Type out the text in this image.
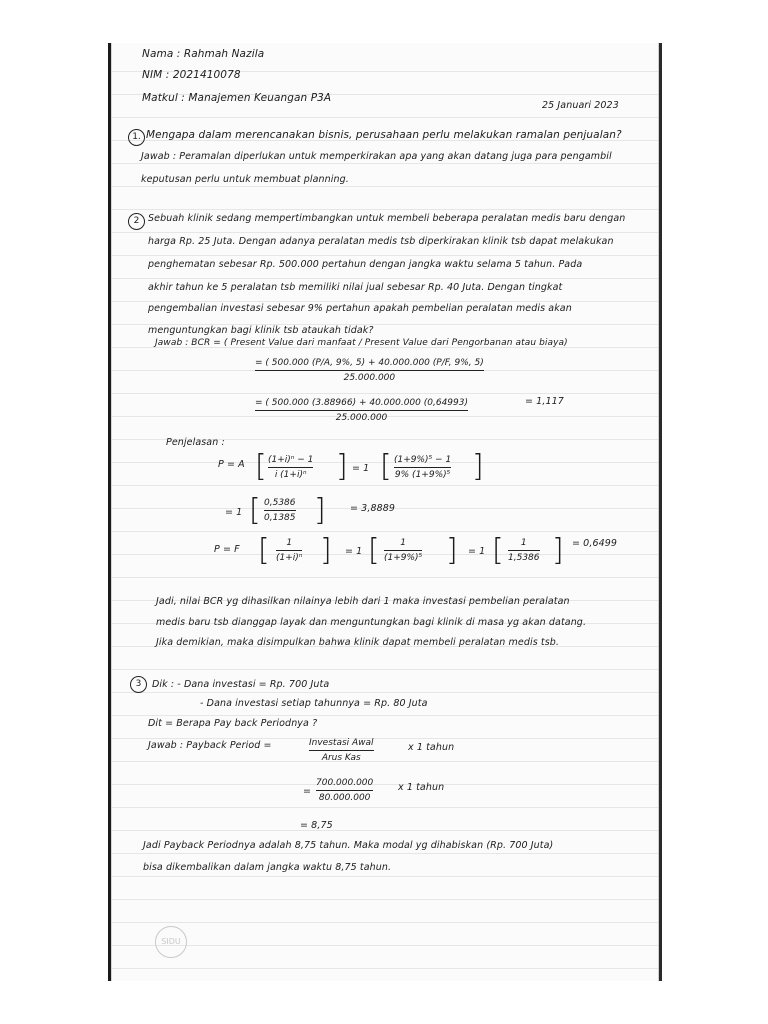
Nama : Rahmah Nazila
NIM : 2021410078
Matkul : Manajemen Keuangan P3A
25 Januari 2023
1. Mengapa dalam merencanakan bisnis, perusahaan perlu melakukan ramalan penjualan?
Jawab : Peramalan diperlukan untuk memperkirakan apa yang akan datang juga para pengambil
keputusan perlu untuk membuat planning.
2 Sebuah klinik sedang mempertimbangkan untuk membeli beberapa peralatan medis baru dengan
harga Rp. 25 Juta. Dengan adanya peralatan medis tsb diperkirakan klinik tsb dapat melakukan
penghematan sebesar Rp. 500.000 pertahun dengan jangka waktu selama 5 tahun. Pada
akhir tahun ke 5 peralatan tsb memiliki nilai jual sebesar Rp. 40 Juta. Dengan tingkat
pengembalian investasi sebesar 9% pertahun apakah pembelian peralatan medis akan
menguntungkan bagi klinik tsb ataukah tidak?
Jawab : BCR = ( Present Value dari manfaat / Present Value dari Pengorbanan atau biaya)
$\frac{= ( 500.000 (P/A, 9\%, 5) + 40.000.000 (P/F, 9\%, 5)}{25.000.000}$
$\frac{= ( 500.000 (3.88966) + 40.000.000 (0,64993)}{25.000.000}$	= 1,117
Penjelasan :
P = A [ $\frac{\text{(1+i)ⁿ − 1}}{\text{i (1+i)ⁿ}}$ ] = 1 [ $\frac{\text{(1+9\%)⁵ − 1}}{\text{9\% (1+9\%)⁵}}$ ]
= 1 [ $\frac{0,5386}{0,1385}$ ]	= 3,8889
P = F [ $\frac{1}{\text{(1+i)ⁿ}}$ ] = 1 [ $\frac{1}{\text{(1+9\%)⁵}}$ ] = 1 [ $\frac{1}{1,5386}$ ] = 0,6499
Jadi, nilai BCR yg dihasilkan nilainya lebih dari 1 maka investasi pembelian peralatan
medis baru tsb dianggap layak dan menguntungkan bagi klinik di masa yg akan datang.
Jika demikian, maka disimpulkan bahwa klinik dapat membeli peralatan medis tsb.
3	Dik : - Dana investasi = Rp. 700 Juta
- Dana investasi setiap tahunnya = Rp. 80 Juta
Dit = Berapa Pay back Periodnya ?
Jawab : Payback Period =	Investasi Awal
Arus Kas
x 1 tahun
= $\frac{700.000.000}{80.000.000}$	x 1 tahun
= 8,75
Jadi Payback Periodnya adalah 8,75 tahun. Maka modal yg dihabiskan (Rp. 700 Juta)
bisa dikembalikan dalam jangka waktu 8,75 tahun.
SIDU
